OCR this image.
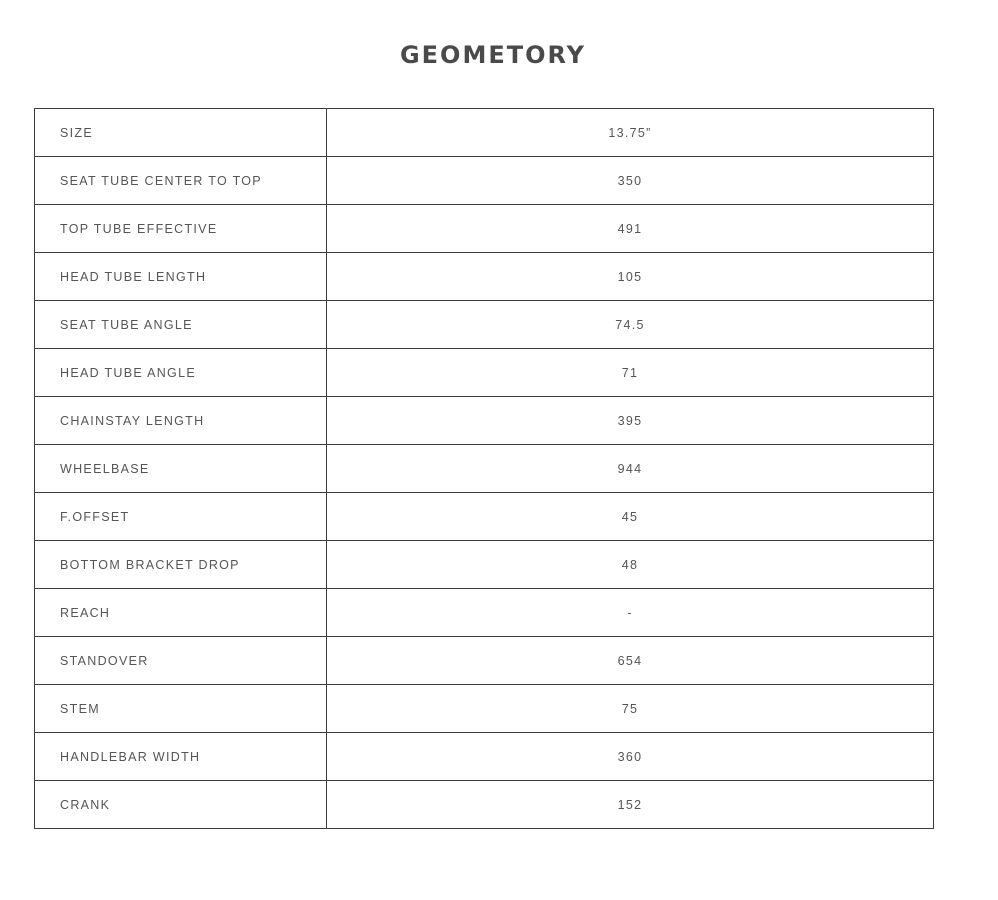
GEOMETORY
SIZE	13.75”
SEAT TUBE CENTER TO TOP	350
TOP TUBE EFFECTIVE	491
HEAD TUBE LENGTH	105
SEAT TUBE ANGLE	74.5
HEAD TUBE ANGLE	71
CHAINSTAY LENGTH	395
WHEELBASE	944
F.OFFSET	45
BOTTOM BRACKET DROP	48
REACH	-
STANDOVER	654
STEM	75
HANDLEBAR WIDTH	360
CRANK	152
